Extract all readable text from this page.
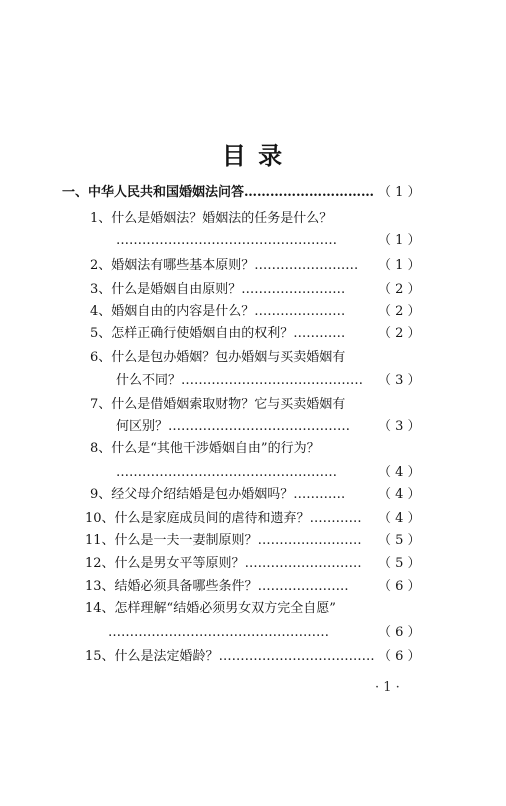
目 录
一、中华人民共和国婚姻法问答………………………… （ 1 ）
1、什么是婚姻法？婚姻法的任务是什么？
……………………………………………	（ 1 ）
2、婚姻法有哪些基本原则？…………………… （ 1 ）
3、什么是婚姻自由原则？……………………	（ 2 ）
4、婚姻自由的内容是什么？…………………	（ 2 ）
5、怎样正确行使婚姻自由的权利？…………	（ 2 ）
6、什么是包办婚姻？包办婚姻与买卖婚姻有
什么不同？…………………………………… （ 3 ）
7、什么是借婚姻索取财物？它与买卖婚姻有
何区别？…………………………………… （ 3 ）
8、什么是“其他干涉婚姻自由”的行为？
……………………………………………	（ 4 ）
9、经父母介绍结婚是包办婚姻吗？…………	（ 4 ）
10、什么是家庭成员间的虐待和遗弃？………… （ 4 ）
11、什么是一夫一妻制原则？…………………… （ 5 ）
12、什么是男女平等原则？……………………… （ 5 ）
13、结婚必须具备哪些条件？………………… （ 6 ）
14、怎样理解“结婚必须男女双方完全自愿”
……………………………………………	（ 6 ）
15、什么是法定婚龄？……………………………… （ 6 ）
· 1 ·
